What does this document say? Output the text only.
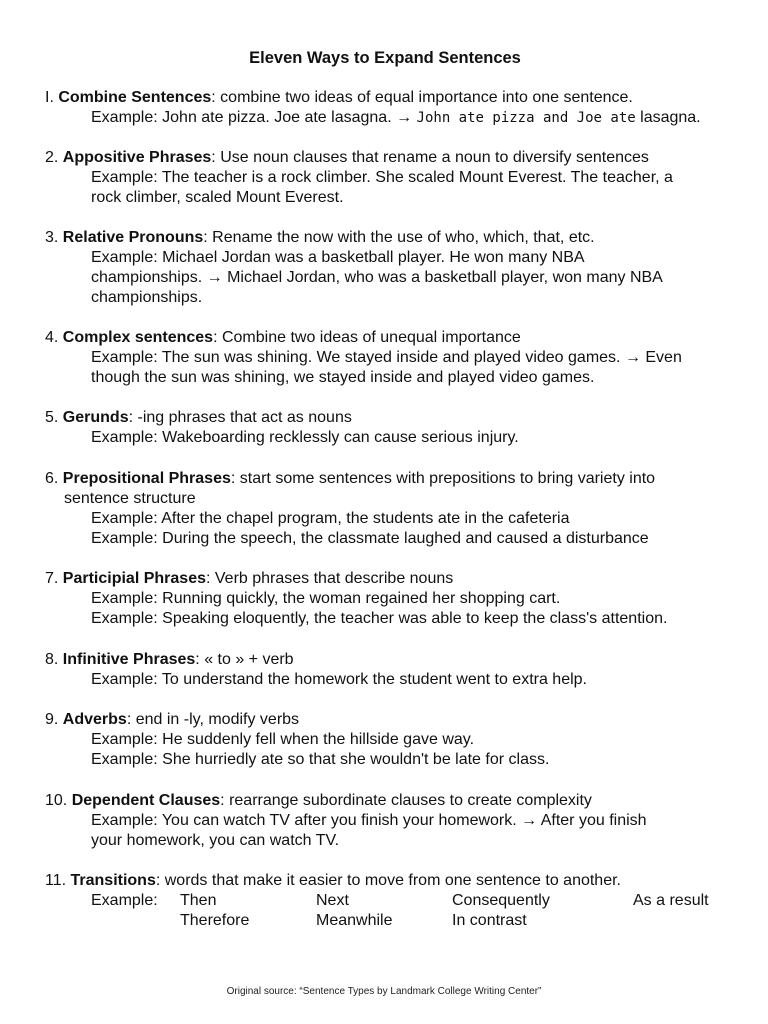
Eleven Ways to Expand Sentences
I. Combine Sentences: combine two ideas of equal importance into one sentence.
Example: John ate pizza. Joe ate lasagna. → John ate pizza and Joe ate lasagna.
2. Appositive Phrases: Use noun clauses that rename a noun to diversify sentences
Example: The teacher is a rock climber. She scaled Mount Everest. The teacher, a
rock climber, scaled Mount Everest.
3. Relative Pronouns: Rename the now with the use of who, which, that, etc.
Example: Michael Jordan was a basketball player. He won many NBA
championships. → Michael Jordan, who was a basketball player, won many NBA
championships.
4. Complex sentences: Combine two ideas of unequal importance
Example: The sun was shining. We stayed inside and played video games. → Even
though the sun was shining, we stayed inside and played video games.
5. Gerunds: -ing phrases that act as nouns
Example: Wakeboarding recklessly can cause serious injury.
6. Prepositional Phrases: start some sentences with prepositions to bring variety into
sentence structure
Example: After the chapel program, the students ate in the cafeteria
Example: During the speech, the classmate laughed and caused a disturbance
7. Participial Phrases: Verb phrases that describe nouns
Example: Running quickly, the woman regained her shopping cart.
Example: Speaking eloquently, the teacher was able to keep the class's attention.
8. Infinitive Phrases: « to » + verb
Example: To understand the homework the student went to extra help.
9. Adverbs: end in -ly, modify verbs
Example: He suddenly fell when the hillside gave way.
Example: She hurriedly ate so that she wouldn't be late for class.
10. Dependent Clauses: rearrange subordinate clauses to create complexity
Example: You can watch TV after you finish your homework. → After you finish
your homework, you can watch TV.
11. Transitions: words that make it easier to move from one sentence to another.
Example: Then	Next	Consequently	As a result
Therefore	Meanwhile	In contrast
Original source: “Sentence Types by Landmark College Writing Center”
